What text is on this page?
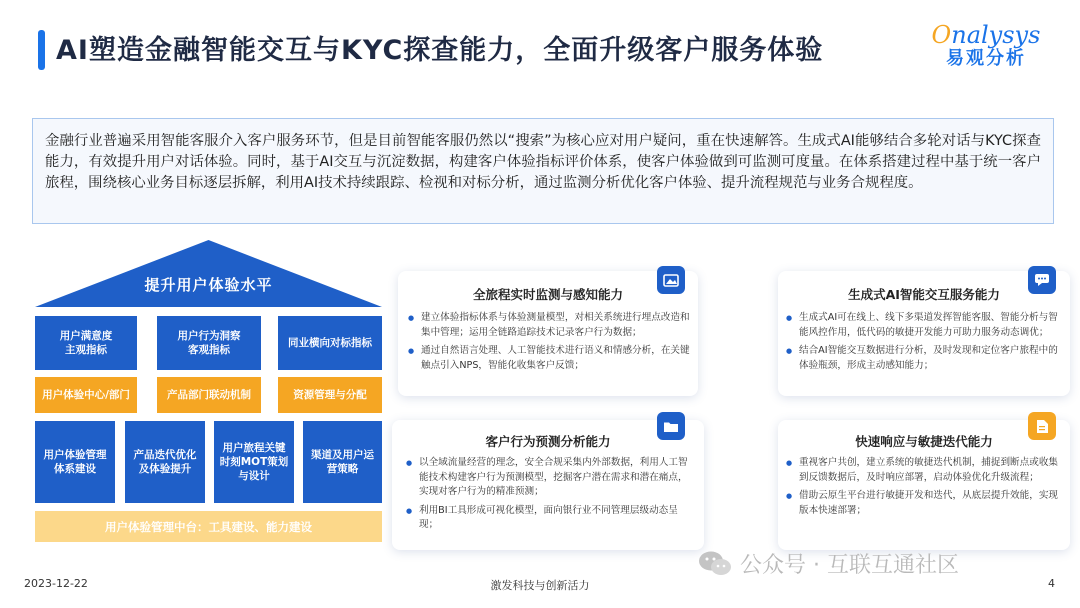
AI塑造金融智能交互与KYC探查能力，全面升级客户服务体验	Onalysys
易观分析
金融行业普遍采用智能客服介入客户服务环节，但是目前智能客服仍然以“搜索”为核心应对用户疑问，重在快速解答。生成式AI能够结合多轮对话与KYC探查能力，有效提升用户对话体验。同时，基于AI交互与沉淀数据，构建客户体验指标评价体系，使客户体验做到可监测可度量。在体系搭建过程中基于统一客户旅程，围绕核心业务目标逐层拆解，利用AI技术持续跟踪、检视和对标分析，通过监测分析优化客户体验、提升流程规范与业务合规程度。
提升用户体验水平
用户满意度
主观指标
用户行为洞察
客观指标
同业横向对标指标
用户体验中心/部门	产品部门联动机制	资源管理与分配
用户体验管理
体系建设
产品迭代优化
及体验提升
用户旅程关键
时刻MOT策划
与设计
渠道及用户运
营策略
用户体验管理中台：工具建设、能力建设
全旅程实时监测与感知能力
● 建立体验指标体系与体验测量模型，对相关系统进行埋点改造和集中管理；运用全链路追踪技术记录客户行为数据；
● 通过自然语言处理、人工智能技术进行语义和情感分析，在关键触点引入NPS，智能化收集客户反馈；
生成式AI智能交互服务能力
● 生成式AI可在线上、线下多渠道发挥智能客服、智能分析与智能风控作用，低代码的敏捷开发能力可助力服务动态调优；
● 结合AI智能交互数据进行分析，及时发现和定位客户旅程中的体验瓶颈，形成主动感知能力；
客户行为预测分析能力
● 以全域流量经营的理念，安全合规采集内外部数据，利用人工智能技术构建客户行为预测模型，挖掘客户潜在需求和潜在痛点，实现对客户行为的精准预测；
● 利用BI工具形成可视化模型，面向银行业不同管理层级动态呈现；
快速响应与敏捷迭代能力
● 重视客户共创，建立系统的敏捷迭代机制，捕捉到断点或收集到反馈数据后，及时响应部署，启动体验优化升级流程；
● 借助云原生平台进行敏捷开发和迭代，从底层提升效能，实现版本快速部署；
公众号 · 互联互通社区
2023-12-22	激发科技与创新活力	4
